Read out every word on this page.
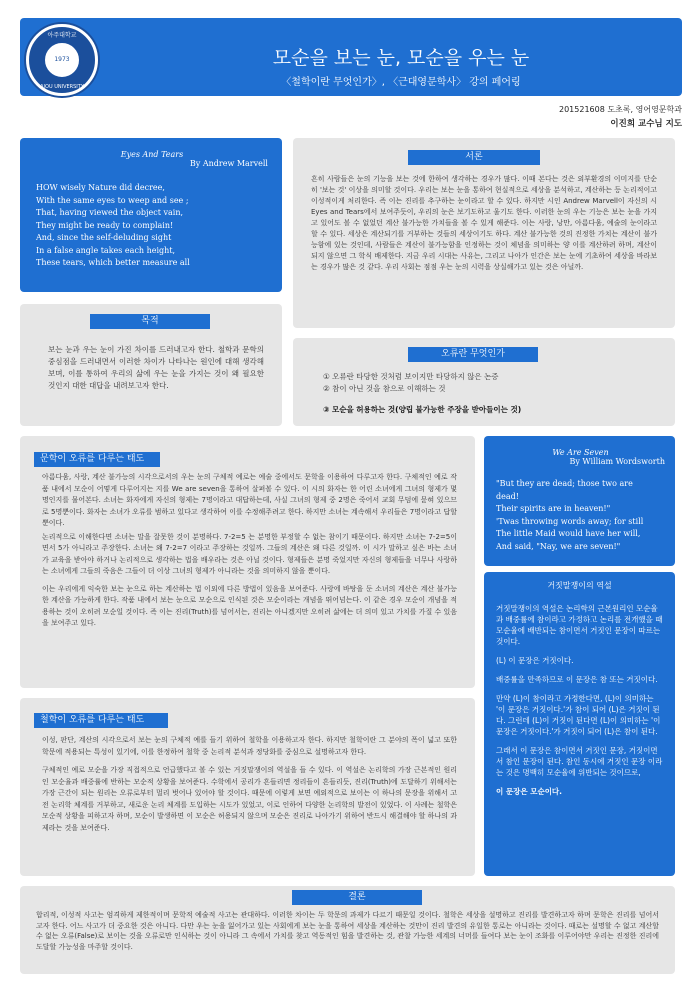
모순을 보는 눈, 모순을 우는 눈
〈철학이란 무엇인가〉, 〈근대영문학사〉 강의 페어링
아주대학교
1973
AJOU UNIVERSITY
201521608 도초록, 영어영문학과
이진희 교수님 지도
Eyes And Tears
By Andrew Marvell
HOW wisely Nature did decree,
With the same eyes to weep and see ;
That, having viewed the object vain,
They might be ready to complain!
And, since the self-deluding sight
In a false angle takes each height,
These tears, which better measure all
흔히 사람들은 눈의 기능을 보는 것에 한하여 생각하는 경우가 많다. 이때 본다는 것은 외부환경의 이미지를 단순히 '보는 것' 이상을 의미할 것이다. 우리는 보는 눈을 통하여 현실적으로 세상을 분석하고, 계산하는 등 논리적이고 이성적이게 처리한다. 즉 이는 진리를 추구하는 눈이라고 할 수 있다. 하지만 시인 Andrew Marvell이 자신의 시 Eyes and Tears에서 보여주듯이, 우리의 눈은 보기도하고 울기도 한다. 이러한 눈의 우는 기능은 보는 눈을 가지고 있어도 볼 수 없었던 계산 불가능한 가치들을 볼 수 있게 해준다. 이는 사랑, 낭만, 아름다움, 예술의 눈이라고 할 수 있다. 세상은 계산되기를 거부하는 것들의 세상이기도 하다. 계산 불가능한 것의 진정한 가치는 계산이 불가능함에 있는 것인데, 사람들은 계산이 불가능함을 인정하는 것이 체념을 의미하는 양 이를 계산하려 하며, 계산이 되지 않으면 그 학식 배제한다. 지금 우리 시대는 사유는, 그리고 나아가 인간은 보는 눈에 기초하여 세상을 바라보는 경우가 많은 것 같다. 우리 사회는 점점 우는 눈의 시력을 상실해가고 있는 것은 아닐까.
서론
보는 눈과 우는 눈이 가진 차이를 드러내고자 한다. 철학과 문학의 중심점을 드러내면서 이러한 차이가 나타나는 원인에 대해 생각해 보며, 이를 통하여 우리의 삶에 우는 눈을 가지는 것이 왜 필요한 것인지 대한 대답을 내려보고자 한다.
목적
① 오류란 타당한 것처럼 보이지만 타당하지 않은 논증
② 참이 아닌 것을 참으로 이해하는 것
③ 모순을 허용하는 것(양립 불가능한 주장을 받아들이는 것)
오류란 무엇인가
아름다움, 사랑, 계산 불가능의 시각으로서의 우는 눈의 구체적 예로는 예술 중에서도 문학을 이용하여 다루고자 한다. 구체적인 예로 작품 내에서 모순이 어떻게 다루어지는 지를 We are seven을 통하여 살펴볼 수 있다. 이 시의 화자는 한 어린 소녀에게 그녀의 형제가 몇 명인지를 물어본다. 소녀는 화자에게 자신의 형제는 7명이라고 대답하는데, 사실 그녀의 형제 중 2명은 죽어서 교회 무덤에 묻혀 있으므로 5명뿐이다. 화자는 소녀가 오류를 범하고 있다고 생각하여 이를 수정해주려고 한다. 하지만 소녀는 계속해서 우리들은 7명이라고 답할 뿐이다.
논리적으로 이해한다면 소녀는 말을 잘못한 것이 분명하다. 7-2=5 는 분명한 부정할 수 없는 참이기 때문이다. 하지만 소녀는 7-2=5이면서 5가 아니라고 주장한다. 소녀는 왜 7-2=7 이라고 주장하는 것일까. 그들의 계산은 왜 다른 것일까. 이 시가 말하고 싶은 바는 소녀가 교육을 받아야 하거나 논리적으로 생각하는 법을 배우라는 것은 아닐 것이다. 형제들은 분명 죽었지만 자신의 형제들을 너무나 사랑하는 소녀에게 그들의 죽음은 그들이 더 이상 그녀의 형제가 아니라는 것을 의미하지 않을 뿐이다.
이는 우리에게 익숙한 보는 눈으로 하는 계산하는 법 이외에 다른 방법이 있음을 보여준다. 사랑에 바탕을 둔 소녀의 계산은 계산 불가능한 계산을 가능하게 한다. 작품 내에서 보는 눈으로 모순으로 인식된 것은 모순이라는 개념을 뛰어넘는다. 이 같은 경우 모순이 개념을 적용하는 것이 오히려 모순일 것이다. 즉 이는 진리(Truth)를 넘어서는, 진리는 아니겠지만 오히려 삶에는 더 의미 있고 가치를 가질 수 있음을 보여주고 있다.
문학이 오류를 다루는 태도
이성, 판단, 계산의 시각으로서 보는 눈의 구체적 예를 들기 위하여 철학을 이용하고자 한다. 하지만 철학이란 그 분야의 폭이 넓고 또한 학문에 적용되는 특성이 있기에, 이를 한정하여 철학 중 논리적 분석과 정당화를 중심으로 설명하고자 한다.
구체적인 예로 모순을 가장 직접적으로 언급했다고 볼 수 있는 거짓말쟁이의 역설을 들 수 있다. 이 역설은 논리학의 가장 근본적인 원리인 모순율과 배중률에 반하는 모순적 상황을 보여준다. 수학에서 공리가 흔들리면 정리들이 흔들리듯, 진리(Truth)에 도달하기 위해서는 가장 근간이 되는 원리는 오류로부터 멀리 벗어나 있어야 할 것이다. 때문에 이렇게 보면 예외적으로 보이는 이 하나의 문장을 위해서 고전 논리학 체계를 거부하고, 새로운 논리 체계를 도입하는 시도가 있었고, 이로 인하여 다양한 논리학의 발전이 있었다. 이 사례는 철학은 모순적 상황을 피하고자 하며, 모순이 발생하면 이 모순은 허용되지 않으며 모순은 진리로 나아가기 위하여 반드시 해결해야 할 하나의 과제라는 것을 보여준다.
철학이 오류를 다루는 태도
We Are Seven
By William Wordsworth
"But they are dead; those two are
dead!
Their spirits are in heaven!"
'Twas throwing words away; for still
The little Maid would have her will,
And said, "Nay, we are seven!"
거짓말쟁이의 역설
거짓말쟁이의 역설은 논리학의 근본원리인 모순율과 배중률에 참이라고 가정하고 논리를 전개했을 때 모순율에 배반되는 참이면서 거짓인 문장이 따르는 것이다.
(L) 이 문장은 거짓이다.
배중률을 만족하므로 이 문장은 참 또는 거짓이다.
만약 (L)이 참이라고 가정한다면, (L)이 의미하는 '이 문장은 거짓이다.'가 참이 되어 (L)은 거짓이 된다. 그런데 (L)이 거짓이 된다면 (L)이 의미하는 '이 문장은 거짓이다.'가 거짓이 되어 (L)은 참이 된다.
그래서 이 문장은 참이면서 거짓인 문장, 거짓이면서 참인 문장이 된다. 참인 동시에 거짓인 문장 이라는 것은 명백히 모순율에 위반되는 것이므로,
이 문장은 모순이다.
합리적, 이성적 사고는 엄격하게 제한적이며 문학적 예술적 사고는 관대하다. 이러한 차이는 두 학문의 과제가 다르기 때문일 것이다. 철학은 세상을 설명하고 진리를 발견하고자 하며 문학은 진리를 넘어서고자 한다. 어느 사고가 더 중요한 것은 아니다. 다만 우는 눈을 잃어가고 있는 사회에게 보는 눈을 통하여 세상을 계산하는 것만이 진리 발견의 유일한 통로는 아니라는 것이다. 때로는 설명할 수 없고 계산할 수 없는 오류(False)로 보이는 것을 오류로만 인식하는 것이 아니라 그 속에서 가치를 찾고 역동적인 힘을 발견하는 것, 관찰 가능한 세계의 너머를 들여다 보는 눈이 조화를 이루어야만 우리는 진정한 진리에 도달할 가능성을 마주할 것이다.
결론
